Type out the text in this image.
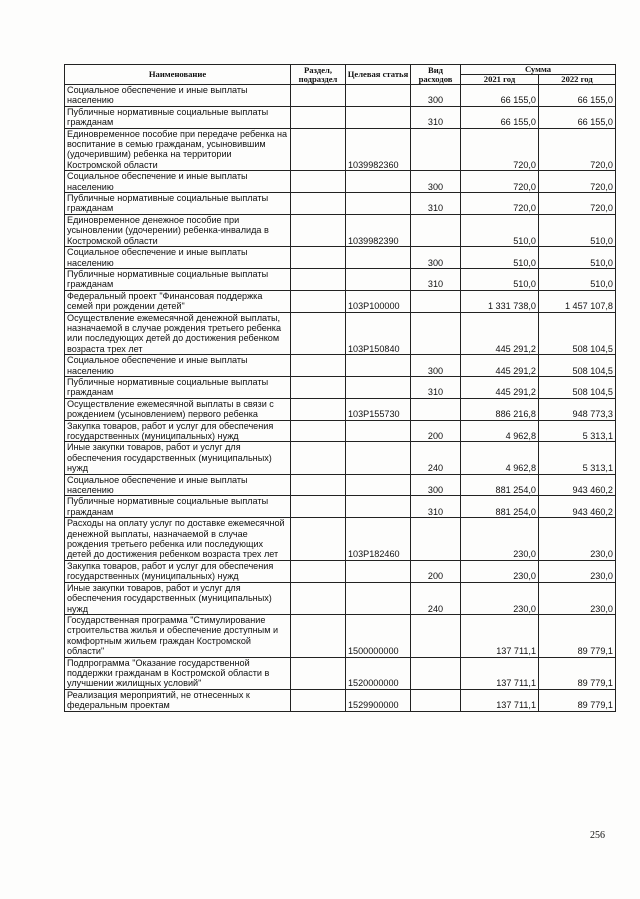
Наименование	Раздел, подраздел	Целевая статья	Вид расходов	Сумма	
				2021 год	2022 год
Социальное обеспечение и иные выплаты населению			300	66 155,0	66 155,0
Публичные нормативные социальные выплаты гражданам			310	66 155,0	66 155,0
Единовременное пособие при передаче ребенка на воспитание в семью гражданам, усыновившим (удочерившим) ребенка на территории Костромской области		1039982360		720,0	720,0
Социальное обеспечение и иные выплаты населению			300	720,0	720,0
Публичные нормативные социальные выплаты гражданам			310	720,0	720,0
Единовременное денежное пособие при усыновлении (удочерении) ребенка-инвалида в Костромской области		1039982390		510,0	510,0
Социальное обеспечение и иные выплаты населению			300	510,0	510,0
Публичные нормативные социальные выплаты гражданам			310	510,0	510,0
Федеральный проект "Финансовая поддержка семей при рождении детей"		103P100000		1 331 738,0	1 457 107,8
Осуществление ежемесячной денежной выплаты, назначаемой в случае рождения третьего ребенка или последующих детей до достижения ребенком возраста трех лет		103P150840		445 291,2	508 104,5
Социальное обеспечение и иные выплаты населению			300	445 291,2	508 104,5
Публичные нормативные социальные выплаты гражданам			310	445 291,2	508 104,5
Осуществление ежемесячной выплаты в связи с рождением (усыновлением) первого ребенка		103P155730		886 216,8	948 773,3
Закупка товаров, работ и услуг для обеспечения государственных (муниципальных) нужд			200	4 962,8	5 313,1
Иные закупки товаров, работ и услуг для обеспечения государственных (муниципальных) нужд			240	4 962,8	5 313,1
Социальное обеспечение и иные выплаты населению			300	881 254,0	943 460,2
Публичные нормативные социальные выплаты гражданам			310	881 254,0	943 460,2
Расходы на оплату услуг по доставке ежемесячной денежной выплаты, назначаемой в случае рождения третьего ребенка или последующих детей до достижения ребенком возраста трех лет		103P182460		230,0	230,0
Закупка товаров, работ и услуг для обеспечения государственных (муниципальных) нужд			200	230,0	230,0
Иные закупки товаров, работ и услуг для обеспечения государственных (муниципальных) нужд			240	230,0	230,0
Государственная программа "Стимулирование строительства жилья и обеспечение доступным и комфортным жильем граждан Костромской области"		1500000000		137 711,1	89 779,1
Подпрограмма "Оказание государственной поддержки гражданам в Костромской области в улучшении жилищных условий"		1520000000		137 711,1	89 779,1
Реализация мероприятий, не отнесенных к федеральным проектам		1529900000		137 711,1	89 779,1
256
